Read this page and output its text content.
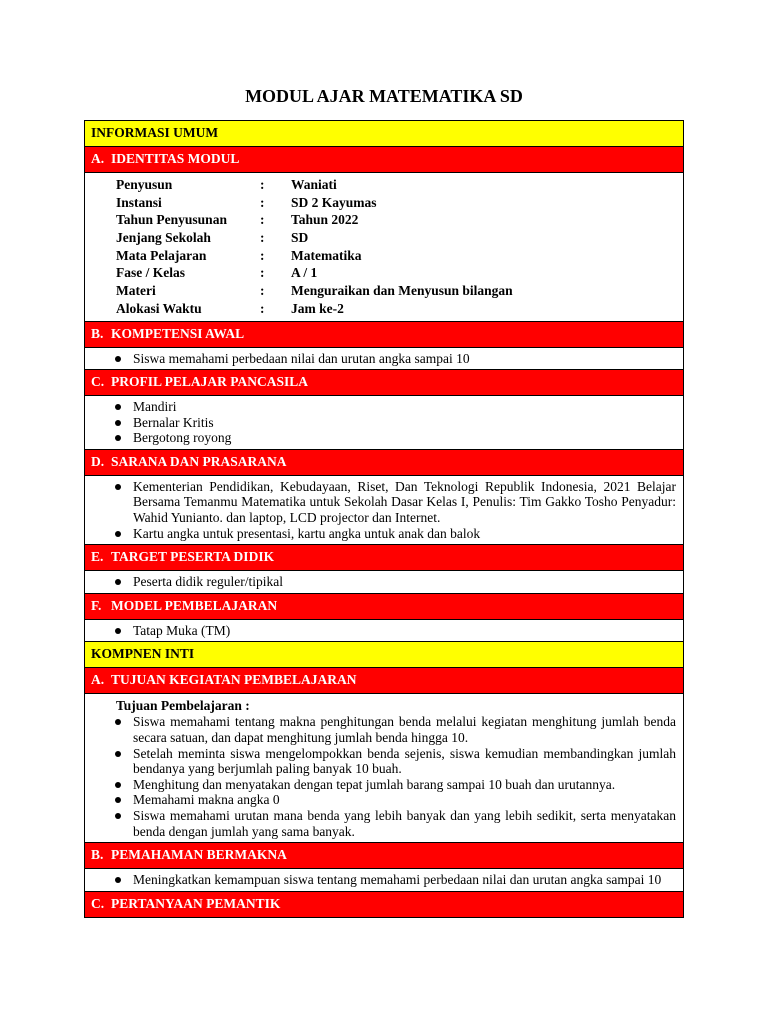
MODUL AJAR MATEMATIKA SD
INFORMASI UMUM
A. IDENTITAS MODUL
Penyusun	:	Waniati
Instansi	:	SD 2 Kayumas
Tahun Penyusunan	:	Tahun 2022
Jenjang Sekolah	:	SD
Mata Pelajaran	:	Matematika
Fase / Kelas	:	A / 1
Materi	:	Menguraikan dan Menyusun bilangan
Alokasi Waktu	:	Jam ke-2
B. KOMPETENSI AWAL
Siswa memahami perbedaan nilai dan urutan angka sampai 10
C. PROFIL PELAJAR PANCASILA
Mandiri
Bernalar Kritis
Bergotong royong
D. SARANA DAN PRASARANA
Kementerian Pendidikan, Kebudayaan, Riset, Dan Teknologi Republik Indonesia, 2021 Belajar Bersama Temanmu Matematika untuk Sekolah Dasar Kelas I, Penulis: Tim Gakko Tosho Penyadur: Wahid Yunianto. dan laptop, LCD projector dan Internet.
Kartu angka untuk presentasi, kartu angka untuk anak dan balok
E. TARGET PESERTA DIDIK
Peserta didik reguler/tipikal
F. MODEL PEMBELAJARAN
Tatap Muka (TM)
KOMPNEN INTI
A. TUJUAN KEGIATAN PEMBELAJARAN
Tujuan Pembelajaran :
Siswa memahami tentang makna penghitungan benda melalui kegiatan menghitung jumlah benda secara satuan, dan dapat menghitung jumlah benda hingga 10.
Setelah meminta siswa mengelompokkan benda sejenis, siswa kemudian membandingkan jumlah bendanya yang berjumlah paling banyak 10 buah.
Menghitung dan menyatakan dengan tepat jumlah barang sampai 10 buah dan urutannya.
Memahami makna angka 0
Siswa memahami urutan mana benda yang lebih banyak dan yang lebih sedikit, serta menyatakan benda dengan jumlah yang sama banyak.
B. PEMAHAMAN BERMAKNA
Meningkatkan kemampuan siswa tentang memahami perbedaan nilai dan urutan angka sampai 10
C. PERTANYAAN PEMANTIK
